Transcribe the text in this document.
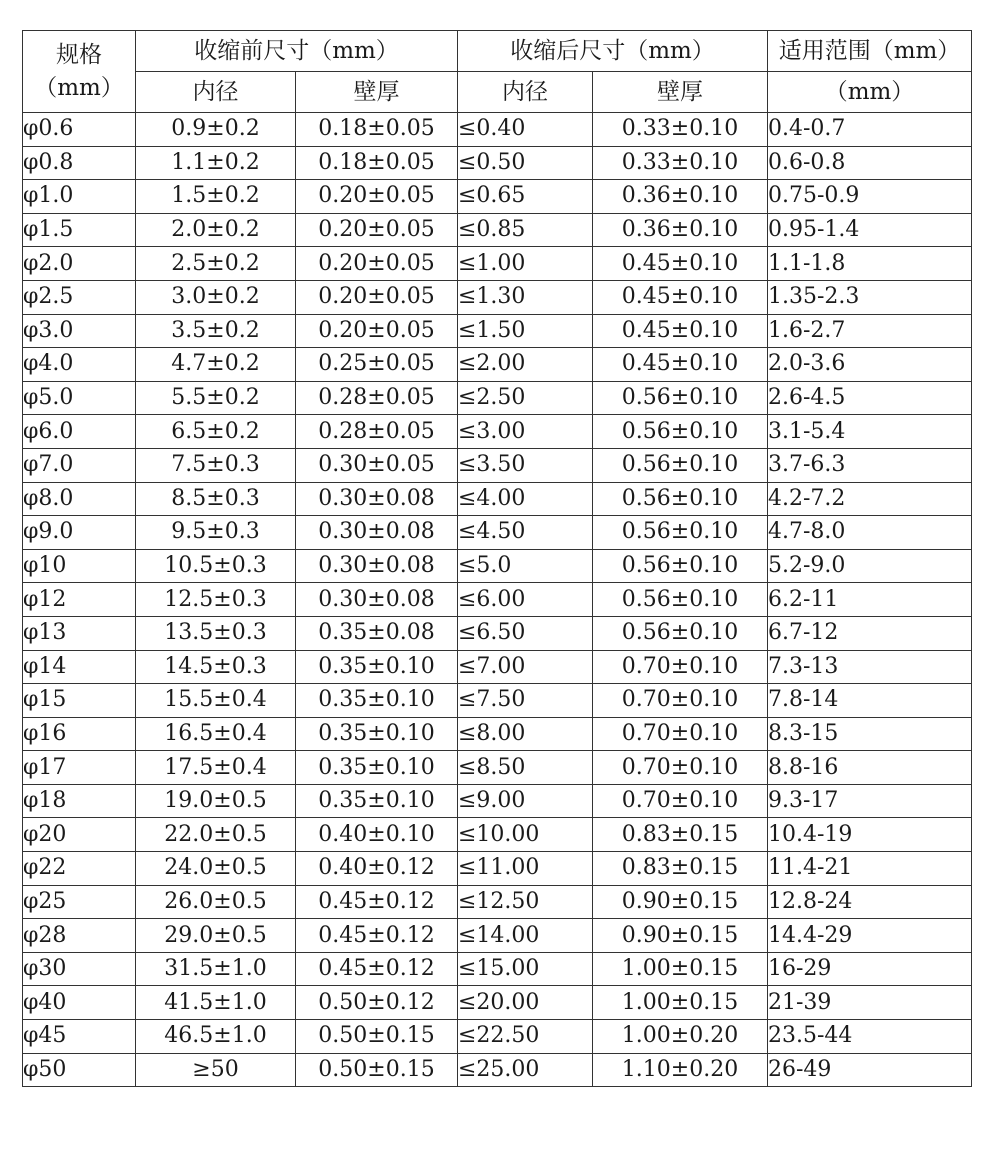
规格
（mm）	收缩前尺寸（mm）		收缩后尺寸（mm）		适用范围（mm）
	内径	壁厚	内径	壁厚	（mm）
φ0.6	0.9±0.2	0.18±0.05	≤0.40	0.33±0.10	0.4-0.7
φ0.8	1.1±0.2	0.18±0.05	≤0.50	0.33±0.10	0.6-0.8
φ1.0	1.5±0.2	0.20±0.05	≤0.65	0.36±0.10	0.75-0.9
φ1.5	2.0±0.2	0.20±0.05	≤0.85	0.36±0.10	0.95-1.4
φ2.0	2.5±0.2	0.20±0.05	≤1.00	0.45±0.10	1.1-1.8
φ2.5	3.0±0.2	0.20±0.05	≤1.30	0.45±0.10	1.35-2.3
φ3.0	3.5±0.2	0.20±0.05	≤1.50	0.45±0.10	1.6-2.7
φ4.0	4.7±0.2	0.25±0.05	≤2.00	0.45±0.10	2.0-3.6
φ5.0	5.5±0.2	0.28±0.05	≤2.50	0.56±0.10	2.6-4.5
φ6.0	6.5±0.2	0.28±0.05	≤3.00	0.56±0.10	3.1-5.4
φ7.0	7.5±0.3	0.30±0.05	≤3.50	0.56±0.10	3.7-6.3
φ8.0	8.5±0.3	0.30±0.08	≤4.00	0.56±0.10	4.2-7.2
φ9.0	9.5±0.3	0.30±0.08	≤4.50	0.56±0.10	4.7-8.0
φ10	10.5±0.3	0.30±0.08	≤5.0	0.56±0.10	5.2-9.0
φ12	12.5±0.3	0.30±0.08	≤6.00	0.56±0.10	6.2-11
φ13	13.5±0.3	0.35±0.08	≤6.50	0.56±0.10	6.7-12
φ14	14.5±0.3	0.35±0.10	≤7.00	0.70±0.10	7.3-13
φ15	15.5±0.4	0.35±0.10	≤7.50	0.70±0.10	7.8-14
φ16	16.5±0.4	0.35±0.10	≤8.00	0.70±0.10	8.3-15
φ17	17.5±0.4	0.35±0.10	≤8.50	0.70±0.10	8.8-16
φ18	19.0±0.5	0.35±0.10	≤9.00	0.70±0.10	9.3-17
φ20	22.0±0.5	0.40±0.10	≤10.00	0.83±0.15	10.4-19
φ22	24.0±0.5	0.40±0.12	≤11.00	0.83±0.15	11.4-21
φ25	26.0±0.5	0.45±0.12	≤12.50	0.90±0.15	12.8-24
φ28	29.0±0.5	0.45±0.12	≤14.00	0.90±0.15	14.4-29
φ30	31.5±1.0	0.45±0.12	≤15.00	1.00±0.15	16-29
φ40	41.5±1.0	0.50±0.12	≤20.00	1.00±0.15	21-39
φ45	46.5±1.0	0.50±0.15	≤22.50	1.00±0.20	23.5-44
φ50	≥50	0.50±0.15	≤25.00	1.10±0.20	26-49
